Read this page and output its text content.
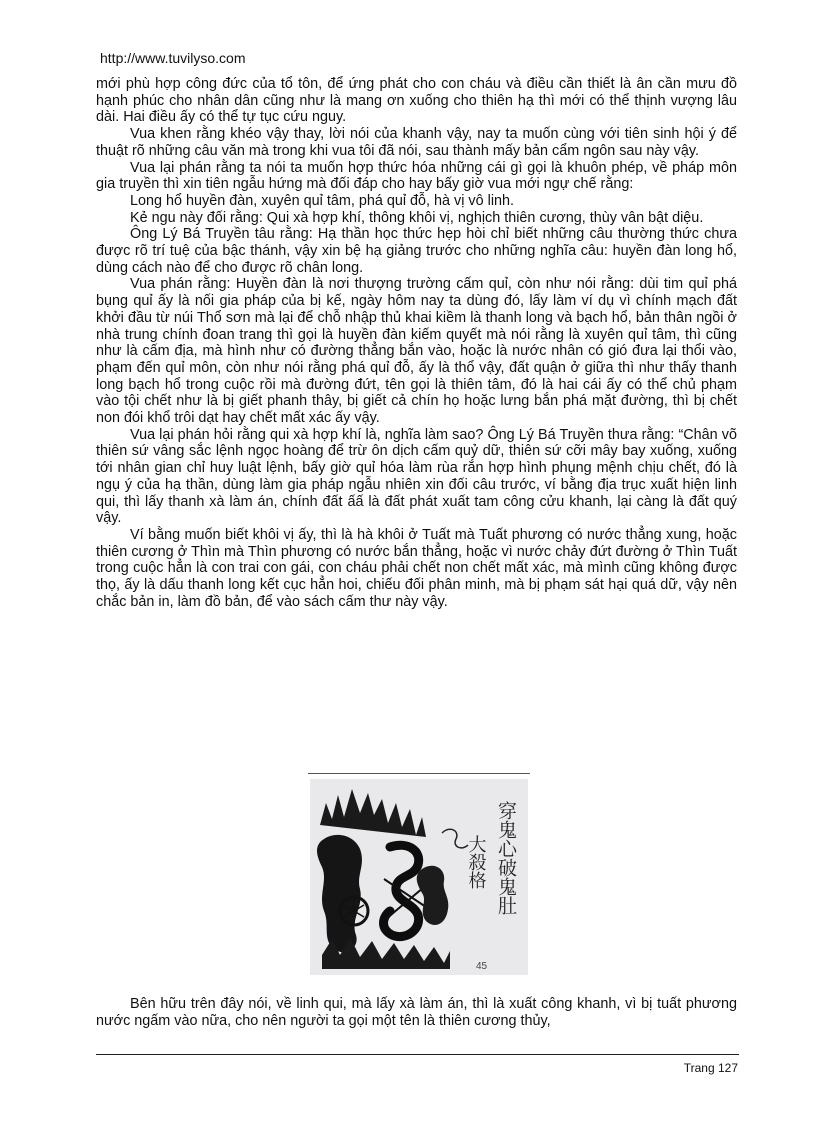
http://www.tuvilyso.com

mới phù hợp công đức của tổ tôn, để ứng phát cho con cháu và điều cần thiết là ân cần mưu đồ hạnh phúc cho nhân dân cũng như là mang ơn xuống cho thiên hạ thì mới có thể thịnh vượng lâu dài. Hai điều ấy có thể tự tục cứu nguy.

Vua khen rằng khéo vậy thay, lời nói của khanh vậy, nay ta muốn cùng với tiên sinh hội ý để thuật rõ những câu văn mà trong khi vua tôi đã nói, sau thành mấy bản cẩm ngôn sau này vậy.

Vua lại phán rằng ta nói ta muốn hợp thức hóa những cái gì gọi là khuôn phép, về pháp môn gia truyền thì xin tiên ngẫu hứng mà đối đáp cho hay bấy giờ vua mới ngự chế rằng:

Long hổ huyền đàn, xuyên quỉ tâm, phá quỉ đỗ, hà vị vô linh.

Kẻ ngu này đối rằng: Qui xà hợp khí, thông khôi vị, nghịch thiên cương, thùy vân bật diệu.

Ông Lý Bá Truyền tâu rằng: Hạ thần học thức hẹp hòi chỉ biết những câu thường thức chưa được rõ trí tuệ của bậc thánh, vậy xin bệ hạ giảng trước cho những nghĩa câu: huyền đàn long hổ, dùng cách nào để cho được rõ chân long.

Vua phán rằng: Huyền đàn là nơi thượng trường cấm quỉ, còn như nói rằng: dùi tim quỉ phá bụng quỉ ấy là nối gia pháp của bị kế, ngày hôm nay ta dùng đó, lấy làm ví dụ vì chính mạch đất khởi đầu từ núi Thổ sơn mà lại để chỗ nhập thủ khai kiềm là thanh long và bạch hổ, bản thân ngồi ở nhà trung chính đoan trang thì gọi là huyền đàn kiếm quyết mà nói rằng là xuyên quỉ tâm, thì cũng như là cấm địa, mà hình như có đường thẳng bắn vào, hoặc là nước nhân có gió đưa lại thổi vào, phạm đến quỉ môn, còn như nói rằng phá quỉ đỗ, ấy là thổ vậy, đất quận ở giữa thì như thấy thanh long bạch hổ trong cuộc rồi mà đường đứt, tên gọi là thiên tâm, đó là hai cái ấy có thể chủ phạm vào tội chết như là bị giết phanh thây, bị giết cả chín họ hoặc lưng bắn phá mặt đường, thì bị chết non đói khổ trôi dạt hay chết mất xác ấy vậy.

Vua lại phán hỏi rằng qui xà hợp khí là, nghĩa làm sao? Ông Lý Bá Truyền thưa rằng: “Chân võ thiên sứ vâng sắc lệnh ngọc hoàng để trừ ôn dịch cấm quỷ dữ, thiên sứ cỡi mây bay xuống, xuống tới nhân gian chỉ huy luật lệnh, bấy giờ quỉ hóa làm rùa rắn hợp hình phụng mệnh chịu chết, đó là ngụ ý của hạ thần, dùng làm gia pháp ngẫu nhiên xin đối câu trước, ví bằng địa trục xuất hiện linh qui, thì lấy thanh xà làm án, chính đất ấấ là đất phát xuất tam công cửu khanh, lại càng là đất quý vậy.

Ví bằng muốn biết khôi vị ấy, thì là hà khôi ở Tuất mà Tuất phương có nước thẳng xung, hoặc thiên cương ở Thìn mà Thìn phương có nước bắn thẳng, hoặc vì nước chảy đứt đường ở Thìn Tuất trong cuộc hẳn là con trai con gái, con cháu phải chết non chết mất xác, mà mình cũng không được thọ, ấy là dấu thanh long kết cục hẳn hoi, chiếu đối phân minh, mà bị phạm sát hại quá dữ, vậy nên chắc bản in, làm đồ bản, để vào sách cấm thư này vậy.

穿鬼心破鬼肚
大殺格
45

Bên hữu trên đây nói, về linh qui, mà lấy xà làm án, thì là xuất công khanh, vì bị tuất phương nước ngấm vào nữa, cho nên người ta gọi một tên là thiên cương thủy,

Trang 127
